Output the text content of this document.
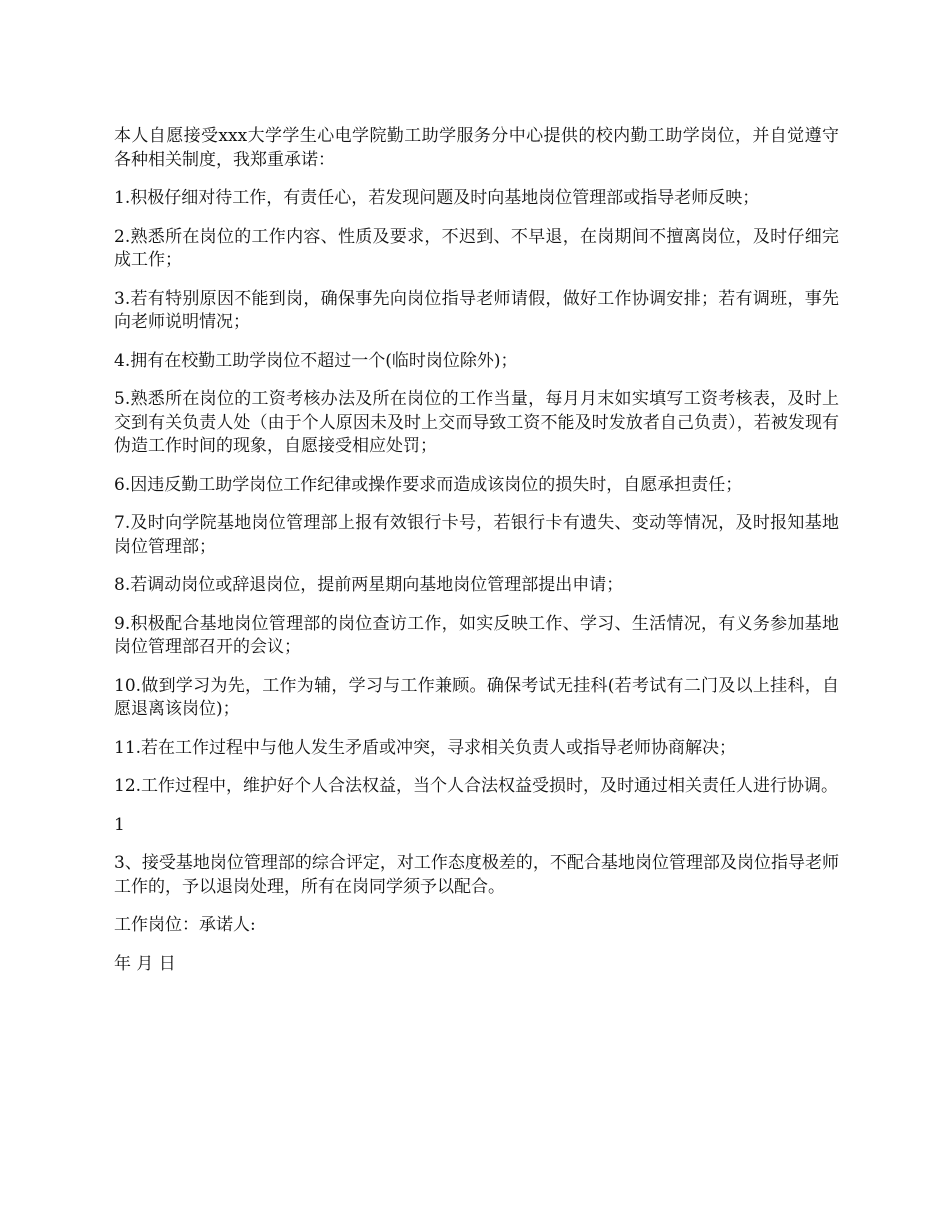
本人自愿接受xxx大学学生心电学院勤工助学服务分中心提供的校内勤工助学岗位，并自觉遵守各种相关制度，我郑重承诺：

1.积极仔细对待工作，有责任心，若发现问题及时向基地岗位管理部或指导老师反映；

2.熟悉所在岗位的工作内容、性质及要求，不迟到、不早退，在岗期间不擅离岗位，及时仔细完成工作；

3.若有特别原因不能到岗，确保事先向岗位指导老师请假，做好工作协调安排；若有调班，事先向老师说明情况；

4.拥有在校勤工助学岗位不超过一个(临时岗位除外)；

5.熟悉所在岗位的工资考核办法及所在岗位的工作当量，每月月末如实填写工资考核表，及时上交到有关负责人处（由于个人原因未及时上交而导致工资不能及时发放者自己负责），若被发现有伪造工作时间的现象，自愿接受相应处罚；

6.因违反勤工助学岗位工作纪律或操作要求而造成该岗位的损失时，自愿承担责任；

7.及时向学院基地岗位管理部上报有效银行卡号，若银行卡有遗失、变动等情况，及时报知基地岗位管理部；

8.若调动岗位或辞退岗位，提前两星期向基地岗位管理部提出申请；

9.积极配合基地岗位管理部的岗位查访工作，如实反映工作、学习、生活情况，有义务参加基地岗位管理部召开的会议；

10.做到学习为先，工作为辅，学习与工作兼顾。确保考试无挂科(若考试有二门及以上挂科，自愿退离该岗位)；

11.若在工作过程中与他人发生矛盾或冲突，寻求相关负责人或指导老师协商解决；

12.工作过程中，维护好个人合法权益，当个人合法权益受损时，及时通过相关责任人进行协调。

1

3、接受基地岗位管理部的综合评定，对工作态度极差的，不配合基地岗位管理部及岗位指导老师工作的，予以退岗处理，所有在岗同学须予以配合。

工作岗位：承诺人:

年 月 日
